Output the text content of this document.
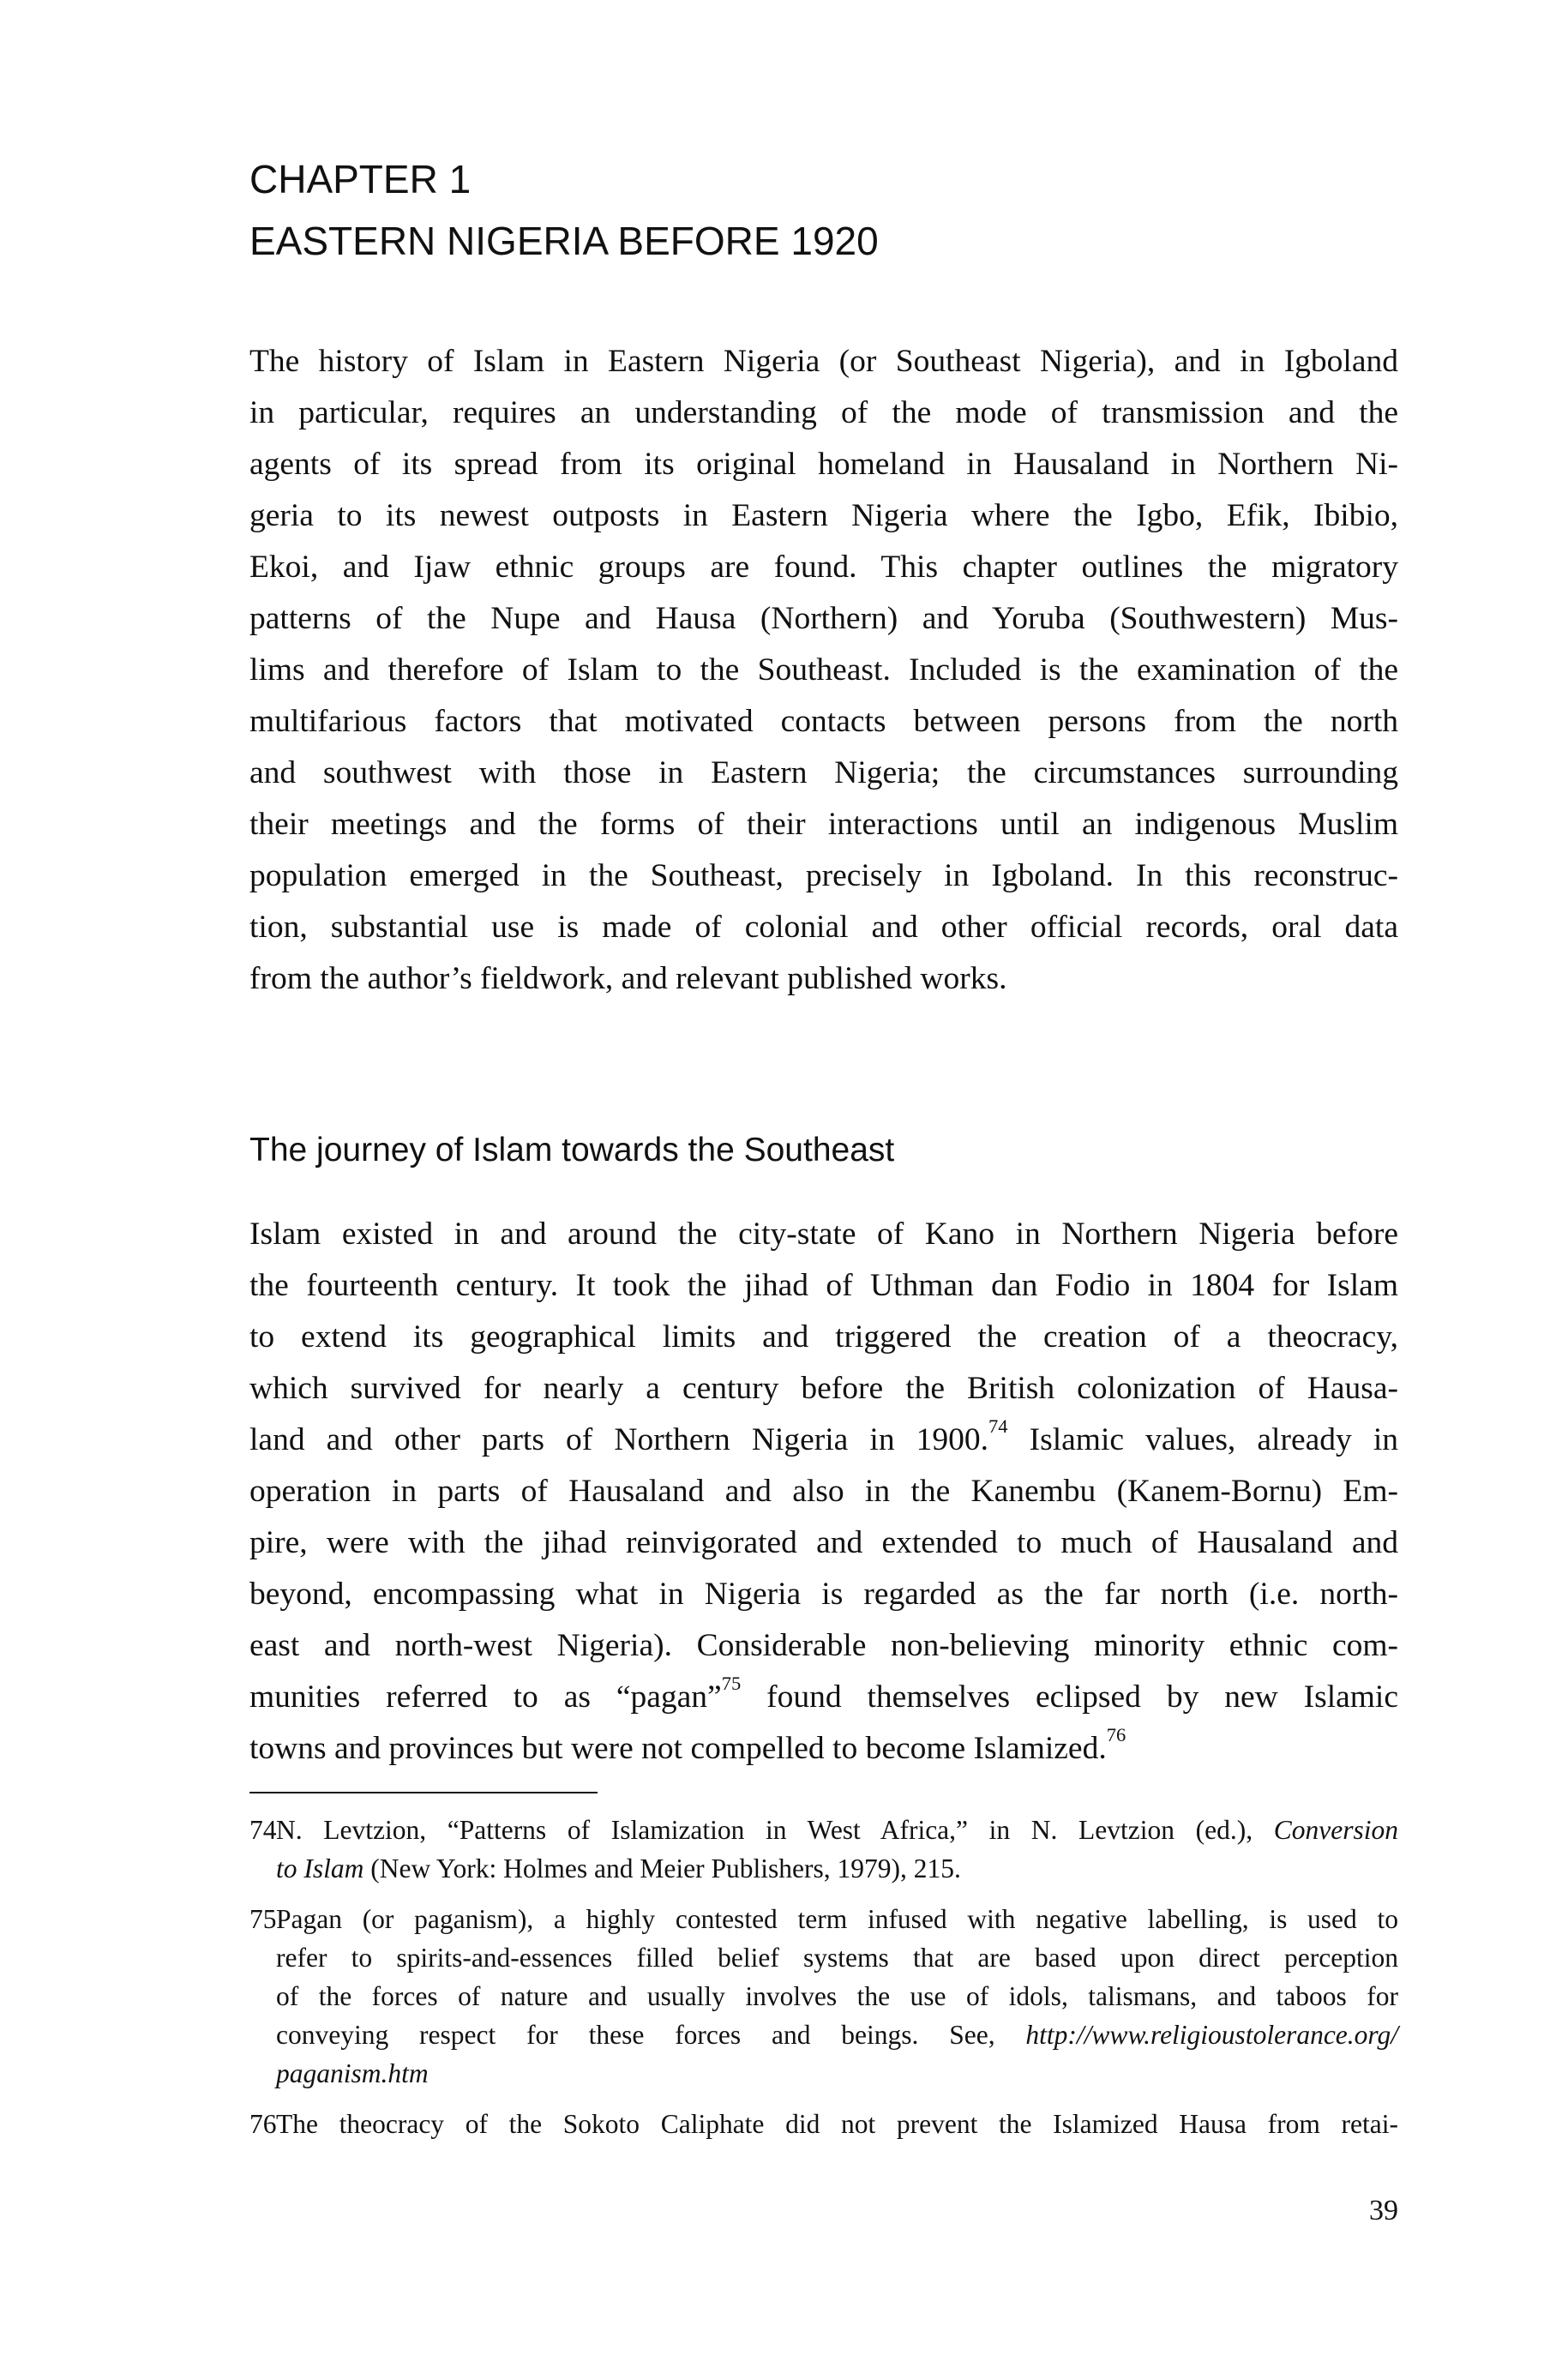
CHAPTER 1
EASTERN NIGERIA BEFORE 1920
The history of Islam in Eastern Nigeria (or Southeast Nigeria), and in Igboland
in particular, requires an understanding of the mode of transmission and the
agents of its spread from its original homeland in Hausaland in Northern Ni-
geria to its newest outposts in Eastern Nigeria where the Igbo, Efik, Ibibio,
Ekoi, and Ijaw ethnic groups are found. This chapter outlines the migratory
patterns of the Nupe and Hausa (Northern) and Yoruba (Southwestern) Mus-
lims and therefore of Islam to the Southeast. Included is the examination of the
multifarious factors that motivated contacts between persons from the north
and southwest with those in Eastern Nigeria; the circumstances surrounding
their meetings and the forms of their interactions until an indigenous Muslim
population emerged in the Southeast, precisely in Igboland. In this reconstruc-
tion, substantial use is made of colonial and other official records, oral data
from the author’s fieldwork, and relevant published works.
The journey of Islam towards the Southeast
Islam existed in and around the city-state of Kano in Northern Nigeria before
the fourteenth century. It took the jihad of Uthman dan Fodio in 1804 for Islam
to extend its geographical limits and triggered the creation of a theocracy,
which survived for nearly a century before the British colonization of Hausa-
land and other parts of Northern Nigeria in 1900.74 Islamic values, already in
operation in parts of Hausaland and also in the Kanembu (Kanem-Bornu) Em-
pire, were with the jihad reinvigorated and extended to much of Hausaland and
beyond, encompassing what in Nigeria is regarded as the far north (i.e. north-
east and north-west Nigeria). Considerable non-believing minority ethnic com-
munities referred to as “pagan”$^{75}$ found themselves eclipsed by new Islamic
towns and provinces but were not compelled to become Islamized.$^{76}$
74 N. Levtzion, “Patterns of Islamization in West Africa,” in N. Levtzion (ed.), Conversion
to Islam (New York: Holmes and Meier Publishers, 1979), 215.
75 Pagan (or paganism), a highly contested term infused with negative labelling, is used to
refer to spirits-and-essences filled belief systems that are based upon direct perception
of the forces of nature and usually involves the use of idols, talismans, and taboos for
conveying respect for these forces and beings. See, http://www.religioustolerance.org/
paganism.htm
76 The theocracy of the Sokoto Caliphate did not prevent the Islamized Hausa from retai-
39
